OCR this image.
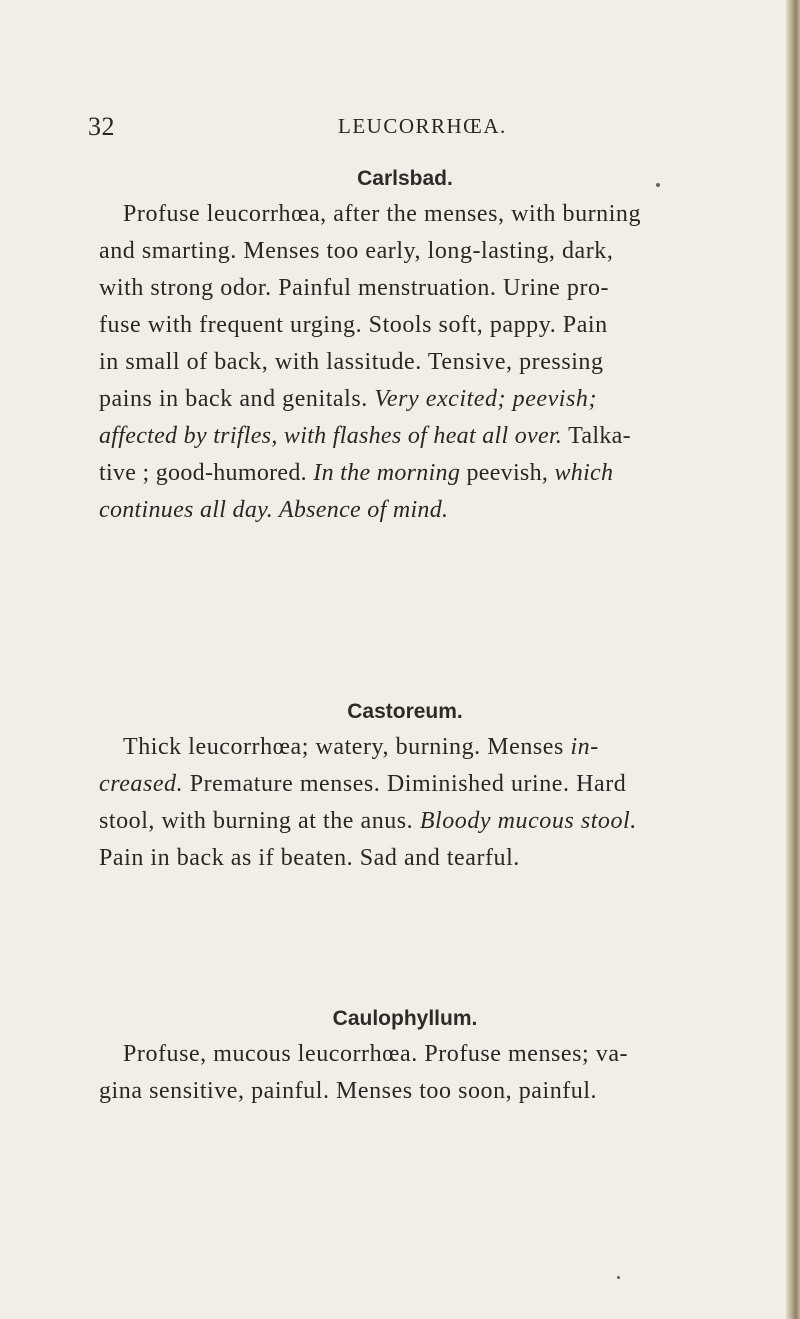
32	LEUCORRHŒA.
Carlsbad.
Profuse leucorrhœa, after the menses, with burning
and smarting. Menses too early, long-lasting, dark,
with strong odor. Painful menstruation. Urine pro-
fuse with frequent urging. Stools soft, pappy. Pain
in small of back, with lassitude. Tensive, pressing
pains in back and genitals. Very excited; peevish;
affected by trifles, with flashes of heat all over. Talka-
tive ; good-humored. In the morning peevish, which
continues all day. Absence of mind.
Castoreum.
Thick leucorrhœa; watery, burning. Menses in-
creased. Premature menses. Diminished urine. Hard
stool, with burning at the anus. Bloody mucous stool.
Pain in back as if beaten. Sad and tearful.
Caulophyllum.
Profuse, mucous leucorrhœa. Profuse menses; va-
gina sensitive, painful. Menses too soon, painful.
